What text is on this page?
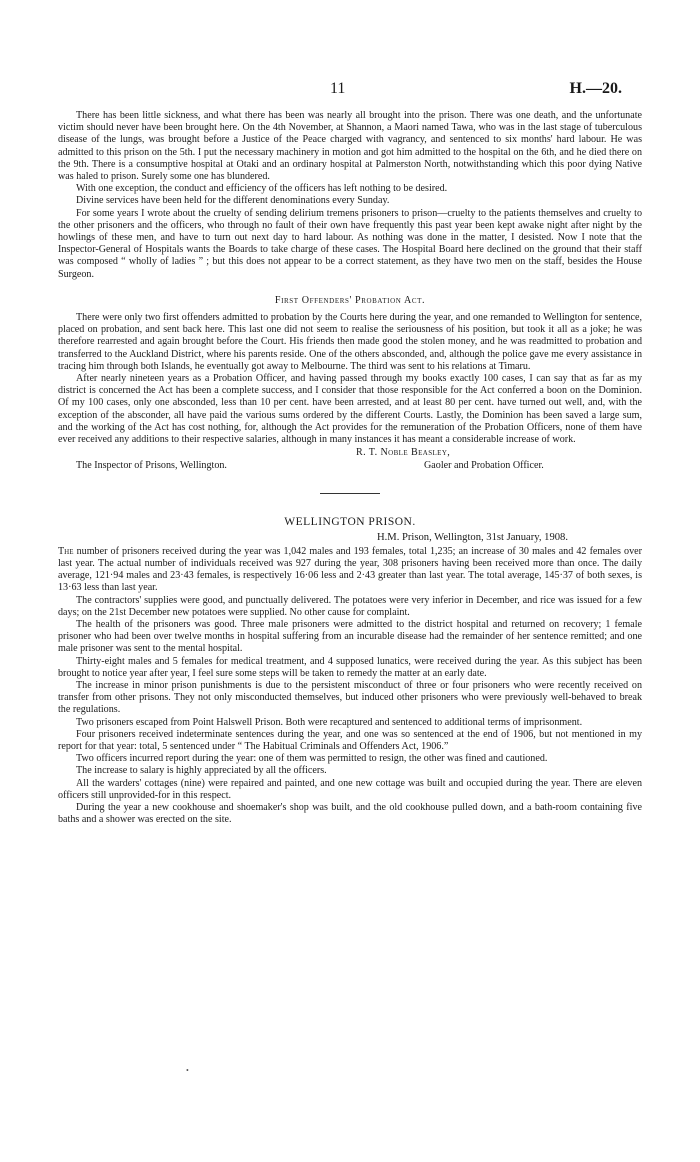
11	H.—20.

There has been little sickness, and what there has been was nearly all brought into the prison. There was one death, and the unfortunate victim should never have been brought here. On the 4th November, at Shannon, a Maori named Tawa, who was in the last stage of tuberculous disease of the lungs, was brought before a Justice of the Peace charged with vagrancy, and sentenced to six months' hard labour. He was admitted to this prison on the 5th. I put the necessary machinery in motion and got him admitted to the hospital on the 6th, and he died there on the 9th. There is a consumptive hospital at Otaki and an ordinary hospital at Palmerston North, notwithstanding which this poor dying Native was haled to prison. Surely some one has blundered.

With one exception, the conduct and efficiency of the officers has left nothing to be desired.

Divine services have been held for the different denominations every Sunday.

For some years I wrote about the cruelty of sending delirium tremens prisoners to prison—cruelty to the patients themselves and cruelty to the other prisoners and the officers, who through no fault of their own have frequently this past year been kept awake night after night by the howlings of these men, and have to turn out next day to hard labour. As nothing was done in the matter, I desisted. Now I note that the Inspector-General of Hospitals wants the Boards to take charge of these cases. The Hospital Board here declined on the ground that their staff was composed “ wholly of ladies ” ; but this does not appear to be a correct statement, as they have two men on the staff, besides the House Surgeon.

First Offenders' Probation Act.

There were only two first offenders admitted to probation by the Courts here during the year, and one remanded to Wellington for sentence, placed on probation, and sent back here. This last one did not seem to realise the seriousness of his position, but took it all as a joke; he was therefore rearrested and again brought before the Court. His friends then made good the stolen money, and he was readmitted to probation and transferred to the Auckland District, where his parents reside. One of the others absconded, and, although the police gave me every assistance in tracing him through both Islands, he eventually got away to Melbourne. The third was sent to his relations at Timaru.

After nearly nineteen years as a Probation Officer, and having passed through my books exactly 100 cases, I can say that as far as my district is concerned the Act has been a complete success, and I consider that those responsible for the Act conferred a boon on the Dominion. Of my 100 cases, only one absconded, less than 10 per cent. have been arrested, and at least 80 per cent. have turned out well, and, with the exception of the absconder, all have paid the various sums ordered by the different Courts. Lastly, the Dominion has been saved a large sum, and the working of the Act has cost nothing, for, although the Act provides for the remuneration of the Probation Officers, none of them have ever received any additions to their respective salaries, although in many instances it has meant a considerable increase of work.

R. T. Noble Beasley,
The Inspector of Prisons, Wellington.	Gaoler and Probation Officer.
WELLINGTON PRISON.
H.M. Prison, Wellington, 31st January, 1908.

The number of prisoners received during the year was 1,042 males and 193 females, total 1,235; an increase of 30 males and 42 females over last year. The actual number of individuals received was 927 during the year, 308 prisoners having been received more than once. The daily average, 121·94 males and 23·43 females, is respectively 16·06 less and 2·43 greater than last year. The total average, 145·37 of both sexes, is 13·63 less than last year.

The contractors' supplies were good, and punctually delivered. The potatoes were very inferior in December, and rice was issued for a few days; on the 21st December new potatoes were supplied. No other cause for complaint.

The health of the prisoners was good. Three male prisoners were admitted to the district hospital and returned on recovery; 1 female prisoner who had been over twelve months in hospital suffering from an incurable disease had the remainder of her sentence remitted; and one male prisoner was sent to the mental hospital.

Thirty-eight males and 5 females for medical treatment, and 4 supposed lunatics, were received during the year. As this subject has been brought to notice year after year, I feel sure some steps will be taken to remedy the matter at an early date.

The increase in minor prison punishments is due to the persistent misconduct of three or four prisoners who were recently received on transfer from other prisons. They not only misconducted themselves, but induced other prisoners who were previously well-behaved to break the regulations.

Two prisoners escaped from Point Halswell Prison. Both were recaptured and sentenced to additional terms of imprisonment.

Four prisoners received indeterminate sentences during the year, and one was so sentenced at the end of 1906, but not mentioned in my report for that year: total, 5 sentenced under “ The Habitual Criminals and Offenders Act, 1906.”

Two officers incurred report during the year: one of them was permitted to resign, the other was fined and cautioned.

The increase to salary is highly appreciated by all the officers.

All the warders' cottages (nine) were repaired and painted, and one new cottage was built and occupied during the year. There are eleven officers still unprovided-for in this respect.

During the year a new cookhouse and shoemaker's shop was built, and the old cookhouse pulled down, and a bath-room containing five baths and a shower was erected on the site.

•
